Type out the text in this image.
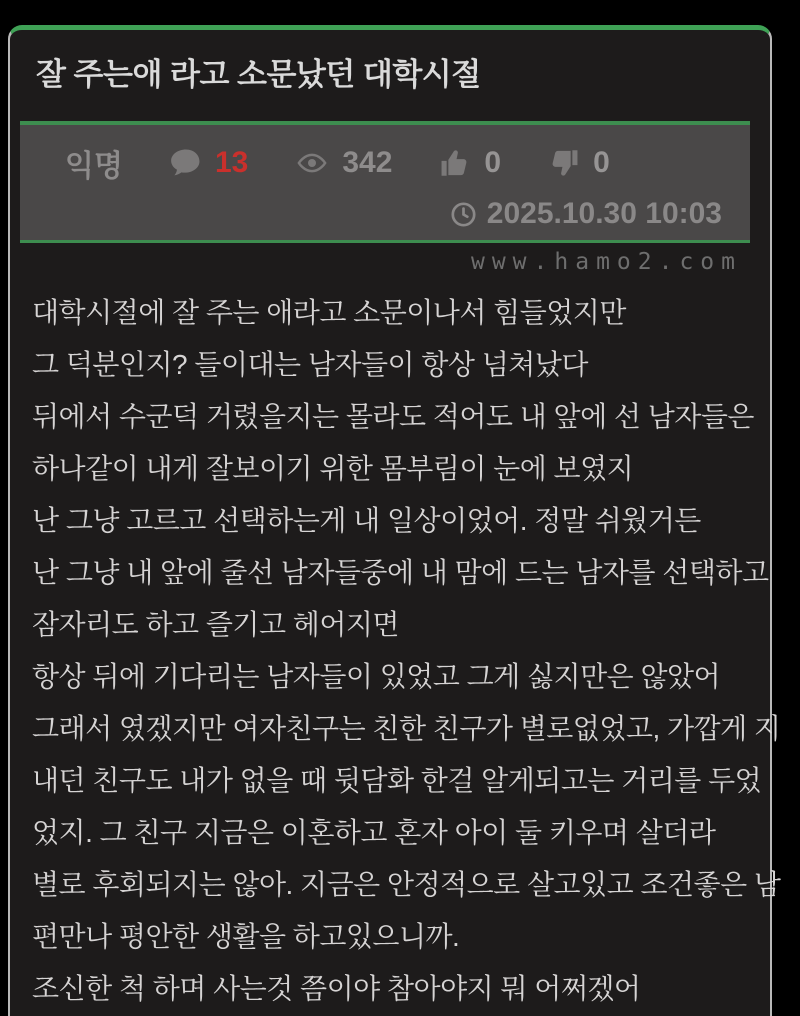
잘 주는애 라고 소문났던 대학시절
익명	13	342	0	0
2025.10.30 10:03
www.hamo2.com
대학시절에 잘 주는 애라고 소문이나서 힘들었지만
그 덕분인지? 들이대는 남자들이 항상 넘쳐났다
뒤에서 수군덕 거렸을지는 몰라도 적어도 내 앞에 선 남자들은
하나같이 내게 잘보이기 위한 몸부림이 눈에 보였지
난 그냥 고르고 선택하는게 내 일상이었어. 정말 쉬웠거든
난 그냥 내 앞에 줄선 남자들중에 내 맘에 드는 남자를 선택하고
잠자리도 하고 즐기고 헤어지면
항상 뒤에 기다리는 남자들이 있었고 그게 싫지만은 않았어
그래서 였겠지만 여자친구는 친한 친구가 별로없었고, 가깝게 지
내던 친구도 내가 없을 때 뒷담화 한걸 알게되고는 거리를 두었
었지. 그 친구 지금은 이혼하고 혼자 아이 둘 키우며 살더라
별로 후회되지는 않아. 지금은 안정적으로 살고있고 조건좋은 남
편만나 평안한 생활을 하고있으니까.
조신한 척 하며 사는것 쯤이야 참아야지 뭐 어쩌겠어
